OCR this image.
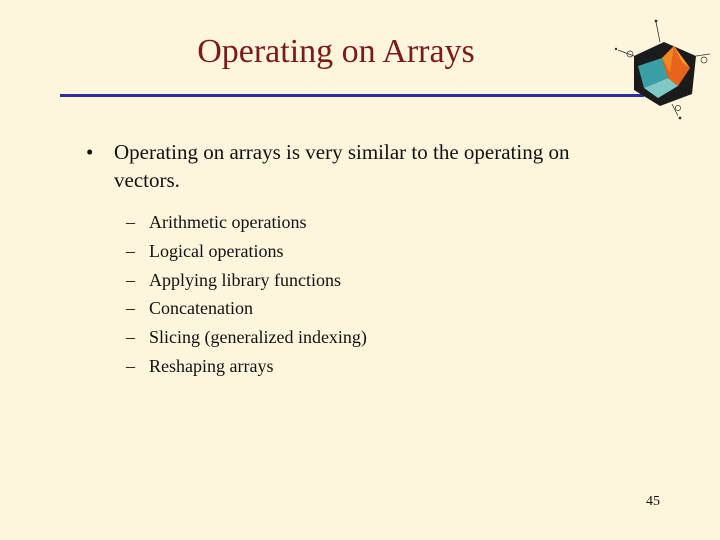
Operating on Arrays
• Operating on arrays is very similar to the operating on vectors.
– Arithmetic operations
– Logical operations
– Applying library functions
– Concatenation
– Slicing (generalized indexing)
– Reshaping arrays
45
